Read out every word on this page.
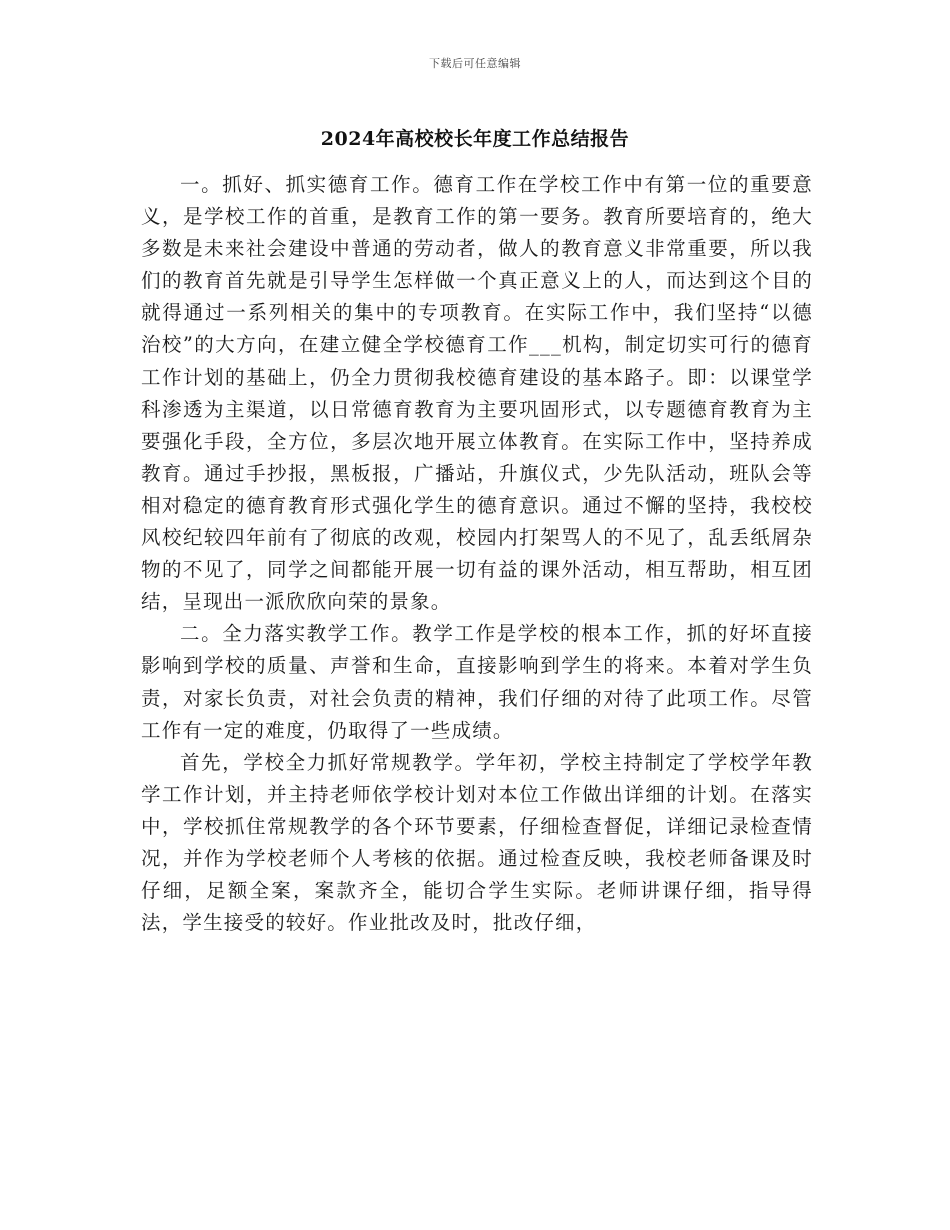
下载后可任意编辑
2024年高校校长年度工作总结报告

一。抓好、抓实德育工作。德育工作在学校工作中有第一位的重要意义，是学校工作的首重，是教育工作的第一要务。教育所要培育的，绝大多数是未来社会建设中普通的劳动者，做人的教育意义非常重要，所以我们的教育首先就是引导学生怎样做一个真正意义上的人，而达到这个目的就得通过一系列相关的集中的专项教育。在实际工作中，我们坚持“以德治校”的大方向，在建立健全学校德育工作___机构，制定切实可行的德育工作计划的基础上，仍全力贯彻我校德育建设的基本路子。即：以课堂学科渗透为主渠道，以日常德育教育为主要巩固形式，以专题德育教育为主要强化手段，全方位，多层次地开展立体教育。在实际工作中，坚持养成教育。通过手抄报，黑板报，广播站，升旗仪式，少先队活动，班队会等相对稳定的德育教育形式强化学生的德育意识。通过不懈的坚持，我校校风校纪较四年前有了彻底的改观，校园内打架骂人的不见了，乱丢纸屑杂物的不见了，同学之间都能开展一切有益的课外活动，相互帮助，相互团结，呈现出一派欣欣向荣的景象。

二。全力落实教学工作。教学工作是学校的根本工作，抓的好坏直接影响到学校的质量、声誉和生命，直接影响到学生的将来。本着对学生负责，对家长负责，对社会负责的精神，我们仔细的对待了此项工作。尽管工作有一定的难度，仍取得了一些成绩。

首先，学校全力抓好常规教学。学年初，学校主持制定了学校学年教学工作计划，并主持老师依学校计划对本位工作做出详细的计划。在落实中，学校抓住常规教学的各个环节要素，仔细检查督促，详细记录检查情况，并作为学校老师个人考核的依据。通过检查反映，我校老师备课及时仔细，足额全案，案款齐全，能切合学生实际。老师讲课仔细，指导得法，学生接受的较好。作业批改及时，批改仔细，
